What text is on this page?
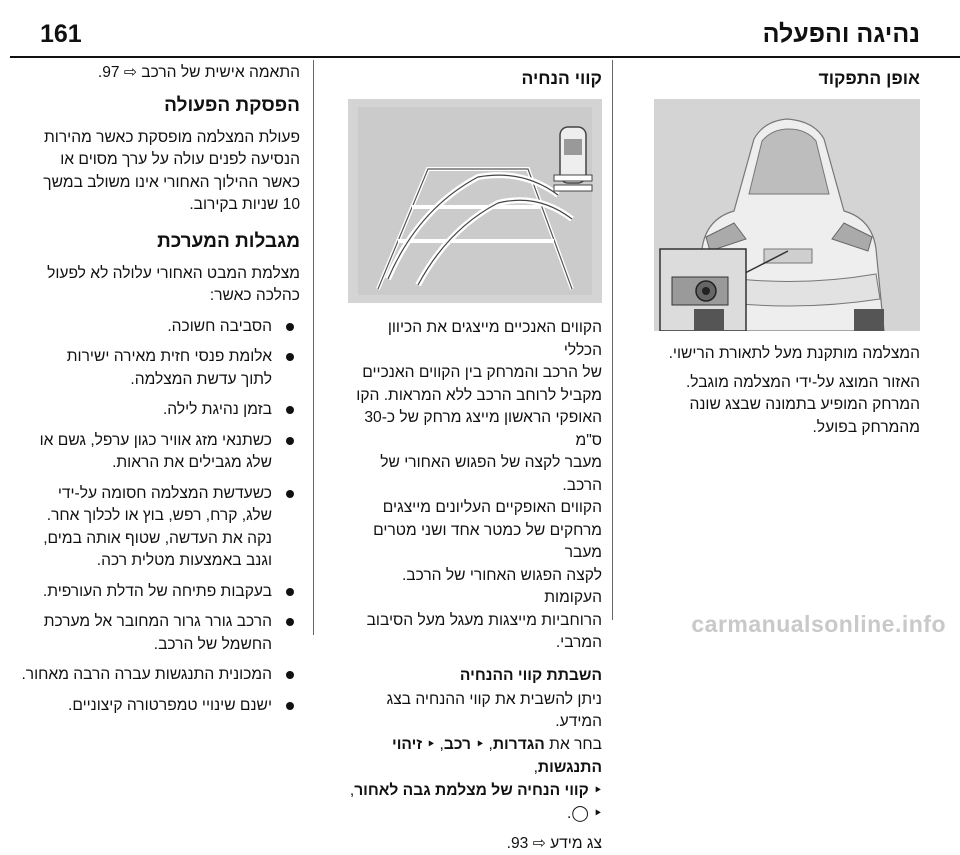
161	נהיגה והפעלה
אופן התפקוד

המצלמה מותקנת מעל לתאורת הרישוי.

האזור המוצג על-ידי המצלמה מוגבל.

המרחק המופיע בתמונה שבצג שונה

מהמרחק בפועל.

קווי הנחיה

הקווים האנכיים מייצגים את הכיוון הכללי

של הרכב והמרחק בין הקווים האנכיים

מקביל לרוחב הרכב ללא המראות. הקו

האופקי הראשון מייצג מרחק של כ-30 ס"מ

מעבר לקצה של הפגוש האחורי של הרכב.

הקווים האופקיים העליונים מייצגים

מרחקים של כמטר אחד ושני מטרים מעבר

לקצה הפגוש האחורי של הרכב. העקומות

הרוחביות מייצגות מעגל מעל הסיבוב

המרבי.

השבתת קווי ההנחיה

ניתן להשבית את קווי ההנחיה בצג המידע.

בחר את הגדרות, ⯈ רכב, ⯈ זיהוי התנגשות,

⯈ קווי הנחיה של מצלמת גבה לאחור, ⯈ ◯.

צג מידע ⇨ 93.

התאמה אישית של הרכב ⇨ 97.

הפסקת הפעולה

פעולת המצלמה מופסקת כאשר מהירות

הנסיעה לפנים עולה על ערך מסוים או

כאשר ההילוך האחורי אינו משולב במשך

10 שניות בקירוב.

מגבלות המערכת

מצלמת המבט האחורי עלולה לא לפעול

כהלכה כאשר:

הסביבה חשוכה.
אלומת פנסי חזית מאירה ישירות
לתוך עדשת המצלמה.
בזמן נהיגת לילה.
כשתנאי מזג אוויר כגון ערפל, גשם או
שלג מגבילים את הראות.
כשעדשת המצלמה חסומה על-ידי
שלג, קרח, רפש, בוץ או לכלוך אחר.
נקה את העדשה, שטוף אותה במים,
וגנב באמצעות מטלית רכה.
בעקבות פתיחה של הדלת העורפית.
הרכב גורר גרור המחובר אל מערכת
החשמל של הרכב.
המכונית התנגשות עברה הרבה מאחור.
ישנם שינויי טמפרטורה קיצוניים.
carmanualsonline.info
